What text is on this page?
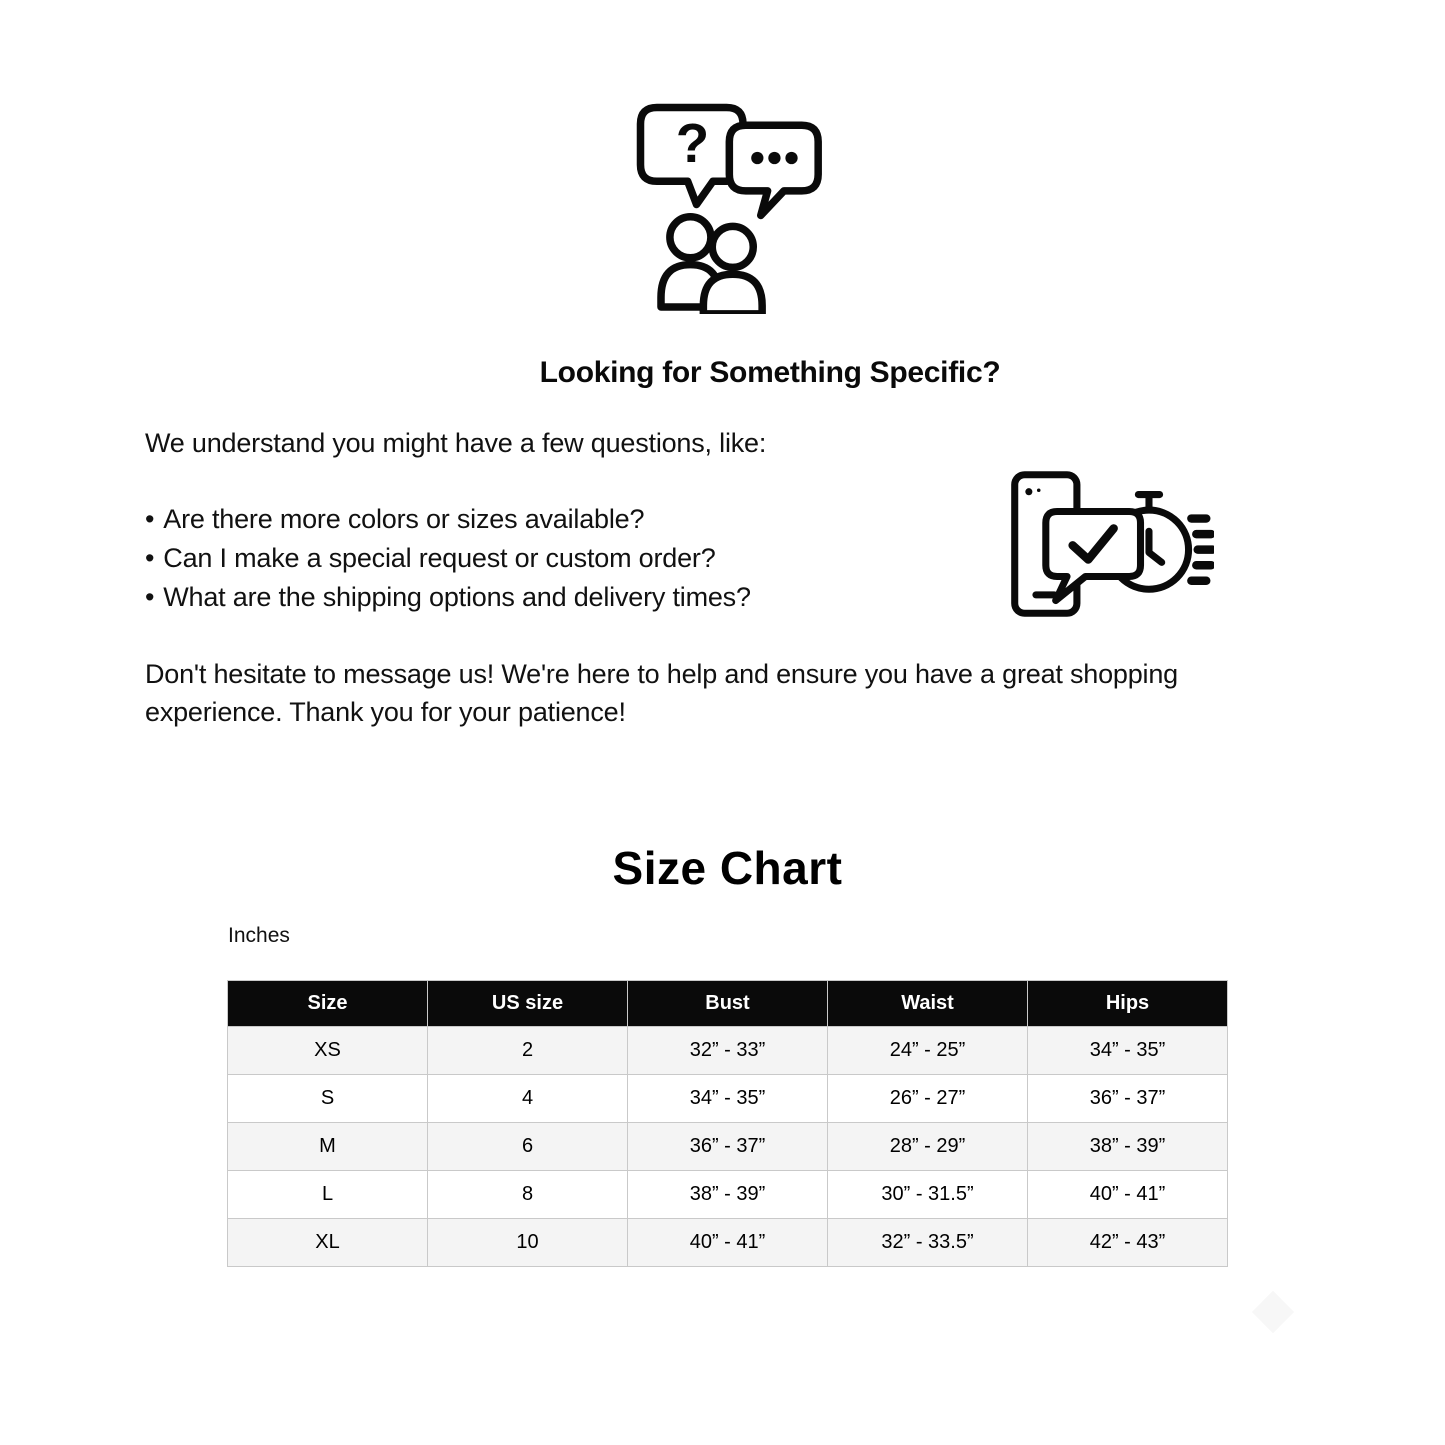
?
Looking for Something Specific?
We understand you might have a few questions, like:
• Are there more colors or sizes available?
• Can I make a special request or custom order?
• What are the shipping options and delivery times?
Don't hesitate to message us! We're here to help and ensure you have a great shopping experience. Thank you for your patience!
Size Chart
Inches
Size	US size	Bust	Waist	Hips
XS	2	32” - 33”	24” - 25”	34” - 35”
S	4	34” - 35”	26” - 27”	36” - 37”
M	6	36” - 37”	28” - 29”	38” - 39”
L	8	38” - 39”	30” - 31.5”	40” - 41”
XL	10	40” - 41”	32” - 33.5”	42” - 43”
